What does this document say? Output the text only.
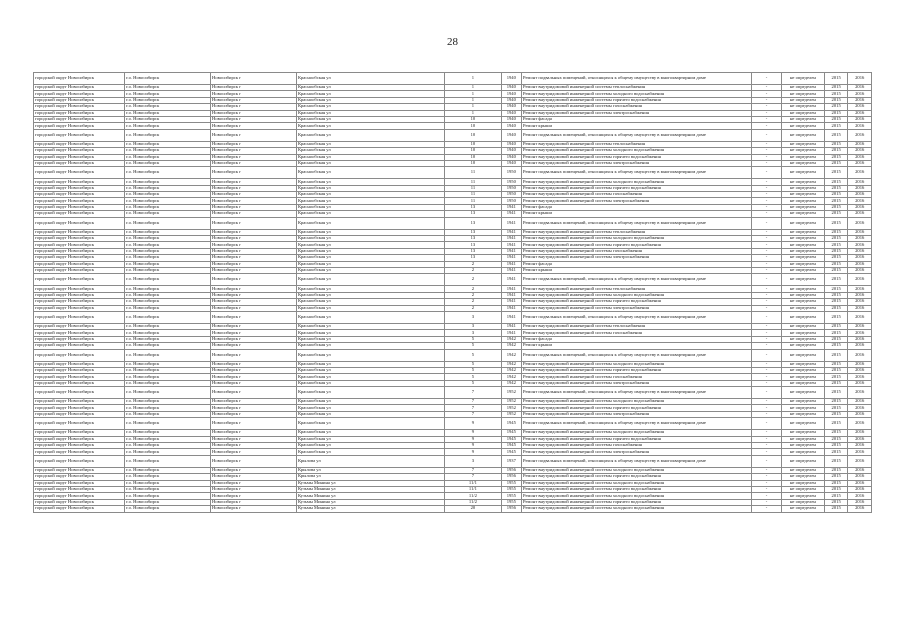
28
городской округ Новосибирск	г.о. Новосибирск	Новосибирск г	Краснообская ул	1	1940	Ремонт подвальных помещений, относящихся к общему имуществу в многоквартирном доме	-	не определен	2015	2016
городской округ Новосибирск	г.о. Новосибирск	Новосибирск г	Краснообская ул	1	1940	Ремонт внутридомовой инженерной системы теплоснабжения	-	не определен	2015	2016
городской округ Новосибирск	г.о. Новосибирск	Новосибирск г	Краснообская ул	1	1940	Ремонт внутридомовой инженерной системы холодного водоснабжения	-	не определен	2015	2016
городской округ Новосибирск	г.о. Новосибирск	Новосибирск г	Краснообская ул	1	1940	Ремонт внутридомовой инженерной системы горячего водоснабжения	-	не определен	2015	2016
городской округ Новосибирск	г.о. Новосибирск	Новосибирск г	Краснообская ул	1	1940	Ремонт внутридомовой инженерной системы газоснабжения	-	не определен	2015	2016
городской округ Новосибирск	г.о. Новосибирск	Новосибирск г	Краснообская ул	1	1940	Ремонт внутридомовой инженерной системы электроснабжения	-	не определен	2015	2016
городской округ Новосибирск	г.о. Новосибирск	Новосибирск г	Краснообская ул	10	1940	Ремонт фасада	-	не определен	2015	2016
городской округ Новосибирск	г.о. Новосибирск	Новосибирск г	Краснообская ул	10	1940	Ремонт крыши	-	не определен	2015	2016
городской округ Новосибирск	г.о. Новосибирск	Новосибирск г	Краснообская ул	10	1940	Ремонт подвальных помещений, относящихся к общему имуществу в многоквартирном доме	-	не определен	2015	2016
городской округ Новосибирск	г.о. Новосибирск	Новосибирск г	Краснообская ул	10	1940	Ремонт внутридомовой инженерной системы теплоснабжения	-	не определен	2015	2016
городской округ Новосибирск	г.о. Новосибирск	Новосибирск г	Краснообская ул	10	1940	Ремонт внутридомовой инженерной системы холодного водоснабжения	-	не определен	2015	2016
городской округ Новосибирск	г.о. Новосибирск	Новосибирск г	Краснообская ул	10	1940	Ремонт внутридомовой инженерной системы горячего водоснабжения	-	не определен	2015	2016
городской округ Новосибирск	г.о. Новосибирск	Новосибирск г	Краснообская ул	10	1940	Ремонт внутридомовой инженерной системы электроснабжения	-	не определен	2015	2016
городской округ Новосибирск	г.о. Новосибирск	Новосибирск г	Краснообская ул	11	1950	Ремонт подвальных помещений, относящихся к общему имуществу в многоквартирном доме	-	не определен	2015	2016
городской округ Новосибирск	г.о. Новосибирск	Новосибирск г	Краснообская ул	11	1950	Ремонт внутридомовой инженерной системы холодного водоснабжения	-	не определен	2015	2016
городской округ Новосибирск	г.о. Новосибирск	Новосибирск г	Краснообская ул	11	1950	Ремонт внутридомовой инженерной системы горячего водоснабжения	-	не определен	2015	2016
городской округ Новосибирск	г.о. Новосибирск	Новосибирск г	Краснообская ул	11	1950	Ремонт внутридомовой инженерной системы газоснабжения	-	не определен	2015	2016
городской округ Новосибирск	г.о. Новосибирск	Новосибирск г	Краснообская ул	11	1950	Ремонт внутридомовой инженерной системы электроснабжения	-	не определен	2015	2016
городской округ Новосибирск	г.о. Новосибирск	Новосибирск г	Краснообская ул	13	1941	Ремонт фасада	-	не определен	2015	2016
городской округ Новосибирск	г.о. Новосибирск	Новосибирск г	Краснообская ул	13	1941	Ремонт крыши	-	не определен	2015	2016
городской округ Новосибирск	г.о. Новосибирск	Новосибирск г	Краснообская ул	13	1941	Ремонт подвальных помещений, относящихся к общему имуществу в многоквартирном доме	-	не определен	2015	2016
городской округ Новосибирск	г.о. Новосибирск	Новосибирск г	Краснообская ул	13	1941	Ремонт внутридомовой инженерной системы теплоснабжения	-	не определен	2015	2016
городской округ Новосибирск	г.о. Новосибирск	Новосибирск г	Краснообская ул	13	1941	Ремонт внутридомовой инженерной системы холодного водоснабжения	-	не определен	2015	2016
городской округ Новосибирск	г.о. Новосибирск	Новосибирск г	Краснообская ул	13	1941	Ремонт внутридомовой инженерной системы горячего водоснабжения	-	не определен	2015	2016
городской округ Новосибирск	г.о. Новосибирск	Новосибирск г	Краснообская ул	13	1941	Ремонт внутридомовой инженерной системы газоснабжения	-	не определен	2015	2016
городской округ Новосибирск	г.о. Новосибирск	Новосибирск г	Краснообская ул	13	1941	Ремонт внутридомовой инженерной системы электроснабжения	-	не определен	2015	2016
городской округ Новосибирск	г.о. Новосибирск	Новосибирск г	Краснообская ул	2	1941	Ремонт фасада	-	не определен	2015	2016
городской округ Новосибирск	г.о. Новосибирск	Новосибирск г	Краснообская ул	2	1941	Ремонт крыши	-	не определен	2015	2016
городской округ Новосибирск	г.о. Новосибирск	Новосибирск г	Краснообская ул	2	1941	Ремонт подвальных помещений, относящихся к общему имуществу в многоквартирном доме	-	не определен	2015	2016
городской округ Новосибирск	г.о. Новосибирск	Новосибирск г	Краснообская ул	2	1941	Ремонт внутридомовой инженерной системы теплоснабжения	-	не определен	2015	2016
городской округ Новосибирск	г.о. Новосибирск	Новосибирск г	Краснообская ул	2	1941	Ремонт внутридомовой инженерной системы холодного водоснабжения	-	не определен	2015	2016
городской округ Новосибирск	г.о. Новосибирск	Новосибирск г	Краснообская ул	2	1941	Ремонт внутридомовой инженерной системы горячего водоснабжения	-	не определен	2015	2016
городской округ Новосибирск	г.о. Новосибирск	Новосибирск г	Краснообская ул	2	1941	Ремонт внутридомовой инженерной системы электроснабжения	-	не определен	2015	2016
городской округ Новосибирск	г.о. Новосибирск	Новосибирск г	Краснообская ул	3	1941	Ремонт подвальных помещений, относящихся к общему имуществу в многоквартирном доме	-	не определен	2015	2016
городской округ Новосибирск	г.о. Новосибирск	Новосибирск г	Краснообская ул	3	1941	Ремонт внутридомовой инженерной системы теплоснабжения	-	не определен	2015	2016
городской округ Новосибирск	г.о. Новосибирск	Новосибирск г	Краснообская ул	3	1941	Ремонт внутридомовой инженерной системы газоснабжения	-	не определен	2015	2016
городской округ Новосибирск	г.о. Новосибирск	Новосибирск г	Краснообская ул	5	1942	Ремонт фасада	-	не определен	2015	2016
городской округ Новосибирск	г.о. Новосибирск	Новосибирск г	Краснообская ул	5	1942	Ремонт крыши	-	не определен	2015	2016
городской округ Новосибирск	г.о. Новосибирск	Новосибирск г	Краснообская ул	5	1942	Ремонт подвальных помещений, относящихся к общему имуществу в многоквартирном доме	-	не определен	2015	2016
городской округ Новосибирск	г.о. Новосибирск	Новосибирск г	Краснообская ул	5	1942	Ремонт внутридомовой инженерной системы холодного водоснабжения	-	не определен	2015	2016
городской округ Новосибирск	г.о. Новосибирск	Новосибирск г	Краснообская ул	5	1942	Ремонт внутридомовой инженерной системы горячего водоснабжения	-	не определен	2015	2016
городской округ Новосибирск	г.о. Новосибирск	Новосибирск г	Краснообская ул	5	1942	Ремонт внутридомовой инженерной системы газоснабжения	-	не определен	2015	2016
городской округ Новосибирск	г.о. Новосибирск	Новосибирск г	Краснообская ул	5	1942	Ремонт внутридомовой инженерной системы электроснабжения	-	не определен	2015	2016
городской округ Новосибирск	г.о. Новосибирск	Новосибирск г	Краснообская ул	7	1952	Ремонт подвальных помещений, относящихся к общему имуществу в многоквартирном доме	-	не определен	2015	2016
городской округ Новосибирск	г.о. Новосибирск	Новосибирск г	Краснообская ул	7	1952	Ремонт внутридомовой инженерной системы холодного водоснабжения	-	не определен	2015	2016
городской округ Новосибирск	г.о. Новосибирск	Новосибирск г	Краснообская ул	7	1952	Ремонт внутридомовой инженерной системы горячего водоснабжения	-	не определен	2015	2016
городской округ Новосибирск	г.о. Новосибирск	Новосибирск г	Краснообская ул	7	1952	Ремонт внутридомовой инженерной системы электроснабжения	-	не определен	2015	2016
городской округ Новосибирск	г.о. Новосибирск	Новосибирск г	Краснообская ул	9	1945	Ремонт подвальных помещений, относящихся к общему имуществу в многоквартирном доме	-	не определен	2015	2016
городской округ Новосибирск	г.о. Новосибирск	Новосибирск г	Краснообская ул	9	1945	Ремонт внутридомовой инженерной системы холодного водоснабжения	-	не определен	2015	2016
городской округ Новосибирск	г.о. Новосибирск	Новосибирск г	Краснообская ул	9	1945	Ремонт внутридомовой инженерной системы горячего водоснабжения	-	не определен	2015	2016
городской округ Новосибирск	г.о. Новосибирск	Новосибирск г	Краснообская ул	9	1945	Ремонт внутридомовой инженерной системы газоснабжения	-	не определен	2015	2016
городской округ Новосибирск	г.о. Новосибирск	Новосибирск г	Краснообская ул	9	1945	Ремонт внутридомовой инженерной системы электроснабжения	-	не определен	2015	2016
городской округ Новосибирск	г.о. Новосибирск	Новосибирск г	Крылова ул	3	1937	Ремонт подвальных помещений, относящихся к общему имуществу в многоквартирном доме	-	не определен	2015	2016
городской округ Новосибирск	г.о. Новосибирск	Новосибирск г	Крылова ул	7	1956	Ремонт внутридомовой инженерной системы холодного водоснабжения	-	не определен	2015	2016
городской округ Новосибирск	г.о. Новосибирск	Новосибирск г	Крылова ул	7	1956	Ремонт внутридомовой инженерной системы горячего водоснабжения	-	не определен	2015	2016
городской округ Новосибирск	г.о. Новосибирск	Новосибирск г	Кузьмы Минина ул	11/1	1955	Ремонт внутридомовой инженерной системы холодного водоснабжения	-	не определен	2015	2016
городской округ Новосибирск	г.о. Новосибирск	Новосибирск г	Кузьмы Минина ул	11/1	1955	Ремонт внутридомовой инженерной системы горячего водоснабжения	-	не определен	2015	2016
городской округ Новосибирск	г.о. Новосибирск	Новосибирск г	Кузьмы Минина ул	11/2	1955	Ремонт внутридомовой инженерной системы холодного водоснабжения	-	не определен	2015	2016
городской округ Новосибирск	г.о. Новосибирск	Новосибирск г	Кузьмы Минина ул	11/2	1955	Ремонт внутридомовой инженерной системы горячего водоснабжения	-	не определен	2015	2016
городской округ Новосибирск	г.о. Новосибирск	Новосибирск г	Кузьмы Минина ул	20	1956	Ремонт внутридомовой инженерной системы холодного водоснабжения	-	не определен	2015	2016
